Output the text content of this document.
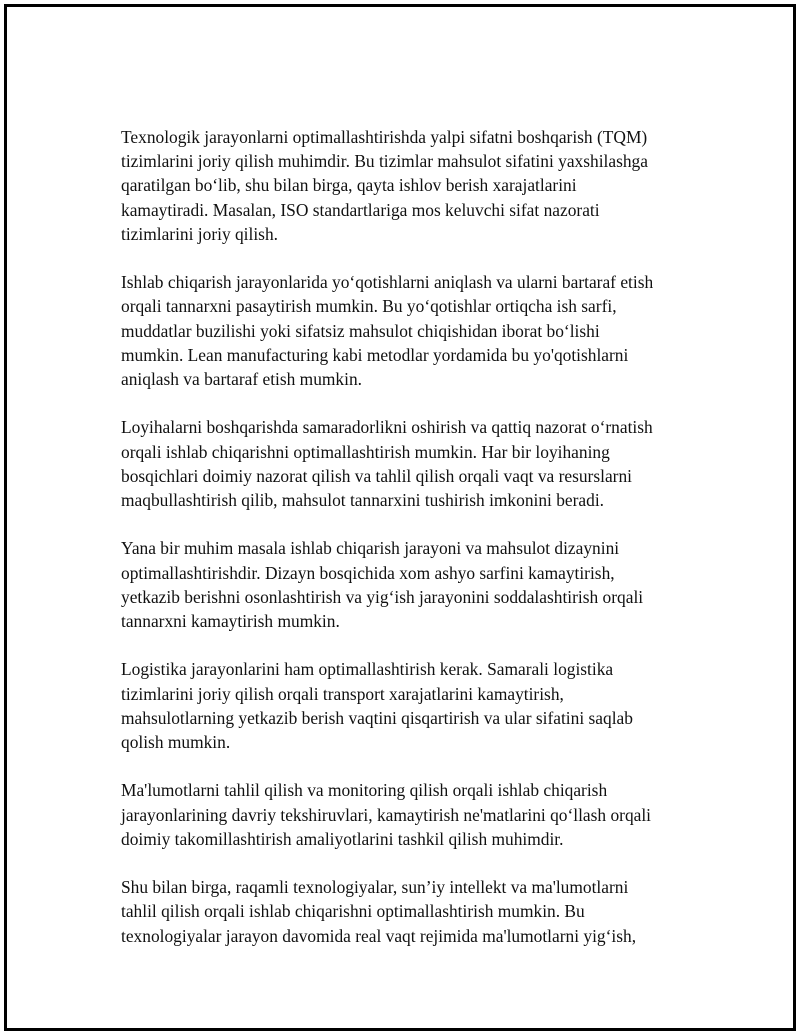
Texnologik jarayonlarni optimallashtirishda yalpi sifatni boshqarish (TQM)
tizimlarini joriy qilish muhimdir. Bu tizimlar mahsulot sifatini yaxshilashga
qaratilgan bo‘lib, shu bilan birga, qayta ishlov berish xarajatlarini
kamaytiradi. Masalan, ISO standartlariga mos keluvchi sifat nazorati
tizimlarini joriy qilish.

Ishlab chiqarish jarayonlarida yo‘qotishlarni aniqlash va ularni bartaraf etish
orqali tannarxni pasaytirish mumkin. Bu yo‘qotishlar ortiqcha ish sarfi,
muddatlar buzilishi yoki sifatsiz mahsulot chiqishidan iborat bo‘lishi
mumkin. Lean manufacturing kabi metodlar yordamida bu yo'qotishlarni
aniqlash va bartaraf etish mumkin.

Loyihalarni boshqarishda samaradorlikni oshirish va qattiq nazorat o‘rnatish
orqali ishlab chiqarishni optimallashtirish mumkin. Har bir loyihaning
bosqichlari doimiy nazorat qilish va tahlil qilish orqali vaqt va resurslarni
maqbullashtirish qilib, mahsulot tannarxini tushirish imkonini beradi.

Yana bir muhim masala ishlab chiqarish jarayoni va mahsulot dizaynini
optimallashtirishdir. Dizayn bosqichida xom ashyo sarfini kamaytirish,
yetkazib berishni osonlashtirish va yig‘ish jarayonini soddalashtirish orqali
tannarxni kamaytirish mumkin.

Logistika jarayonlarini ham optimallashtirish kerak. Samarali logistika
tizimlarini joriy qilish orqali transport xarajatlarini kamaytirish,
mahsulotlarning yetkazib berish vaqtini qisqartirish va ular sifatini saqlab
qolish mumkin.

Ma'lumotlarni tahlil qilish va monitoring qilish orqali ishlab chiqarish
jarayonlarining davriy tekshiruvlari, kamaytirish ne'matlarini qo‘llash orqali
doimiy takomillashtirish amaliyotlarini tashkil qilish muhimdir.

Shu bilan birga, raqamli texnologiyalar, sun’iy intellekt va ma'lumotlarni
tahlil qilish orqali ishlab chiqarishni optimallashtirish mumkin. Bu
texnologiyalar jarayon davomida real vaqt rejimida ma'lumotlarni yig‘ish,
